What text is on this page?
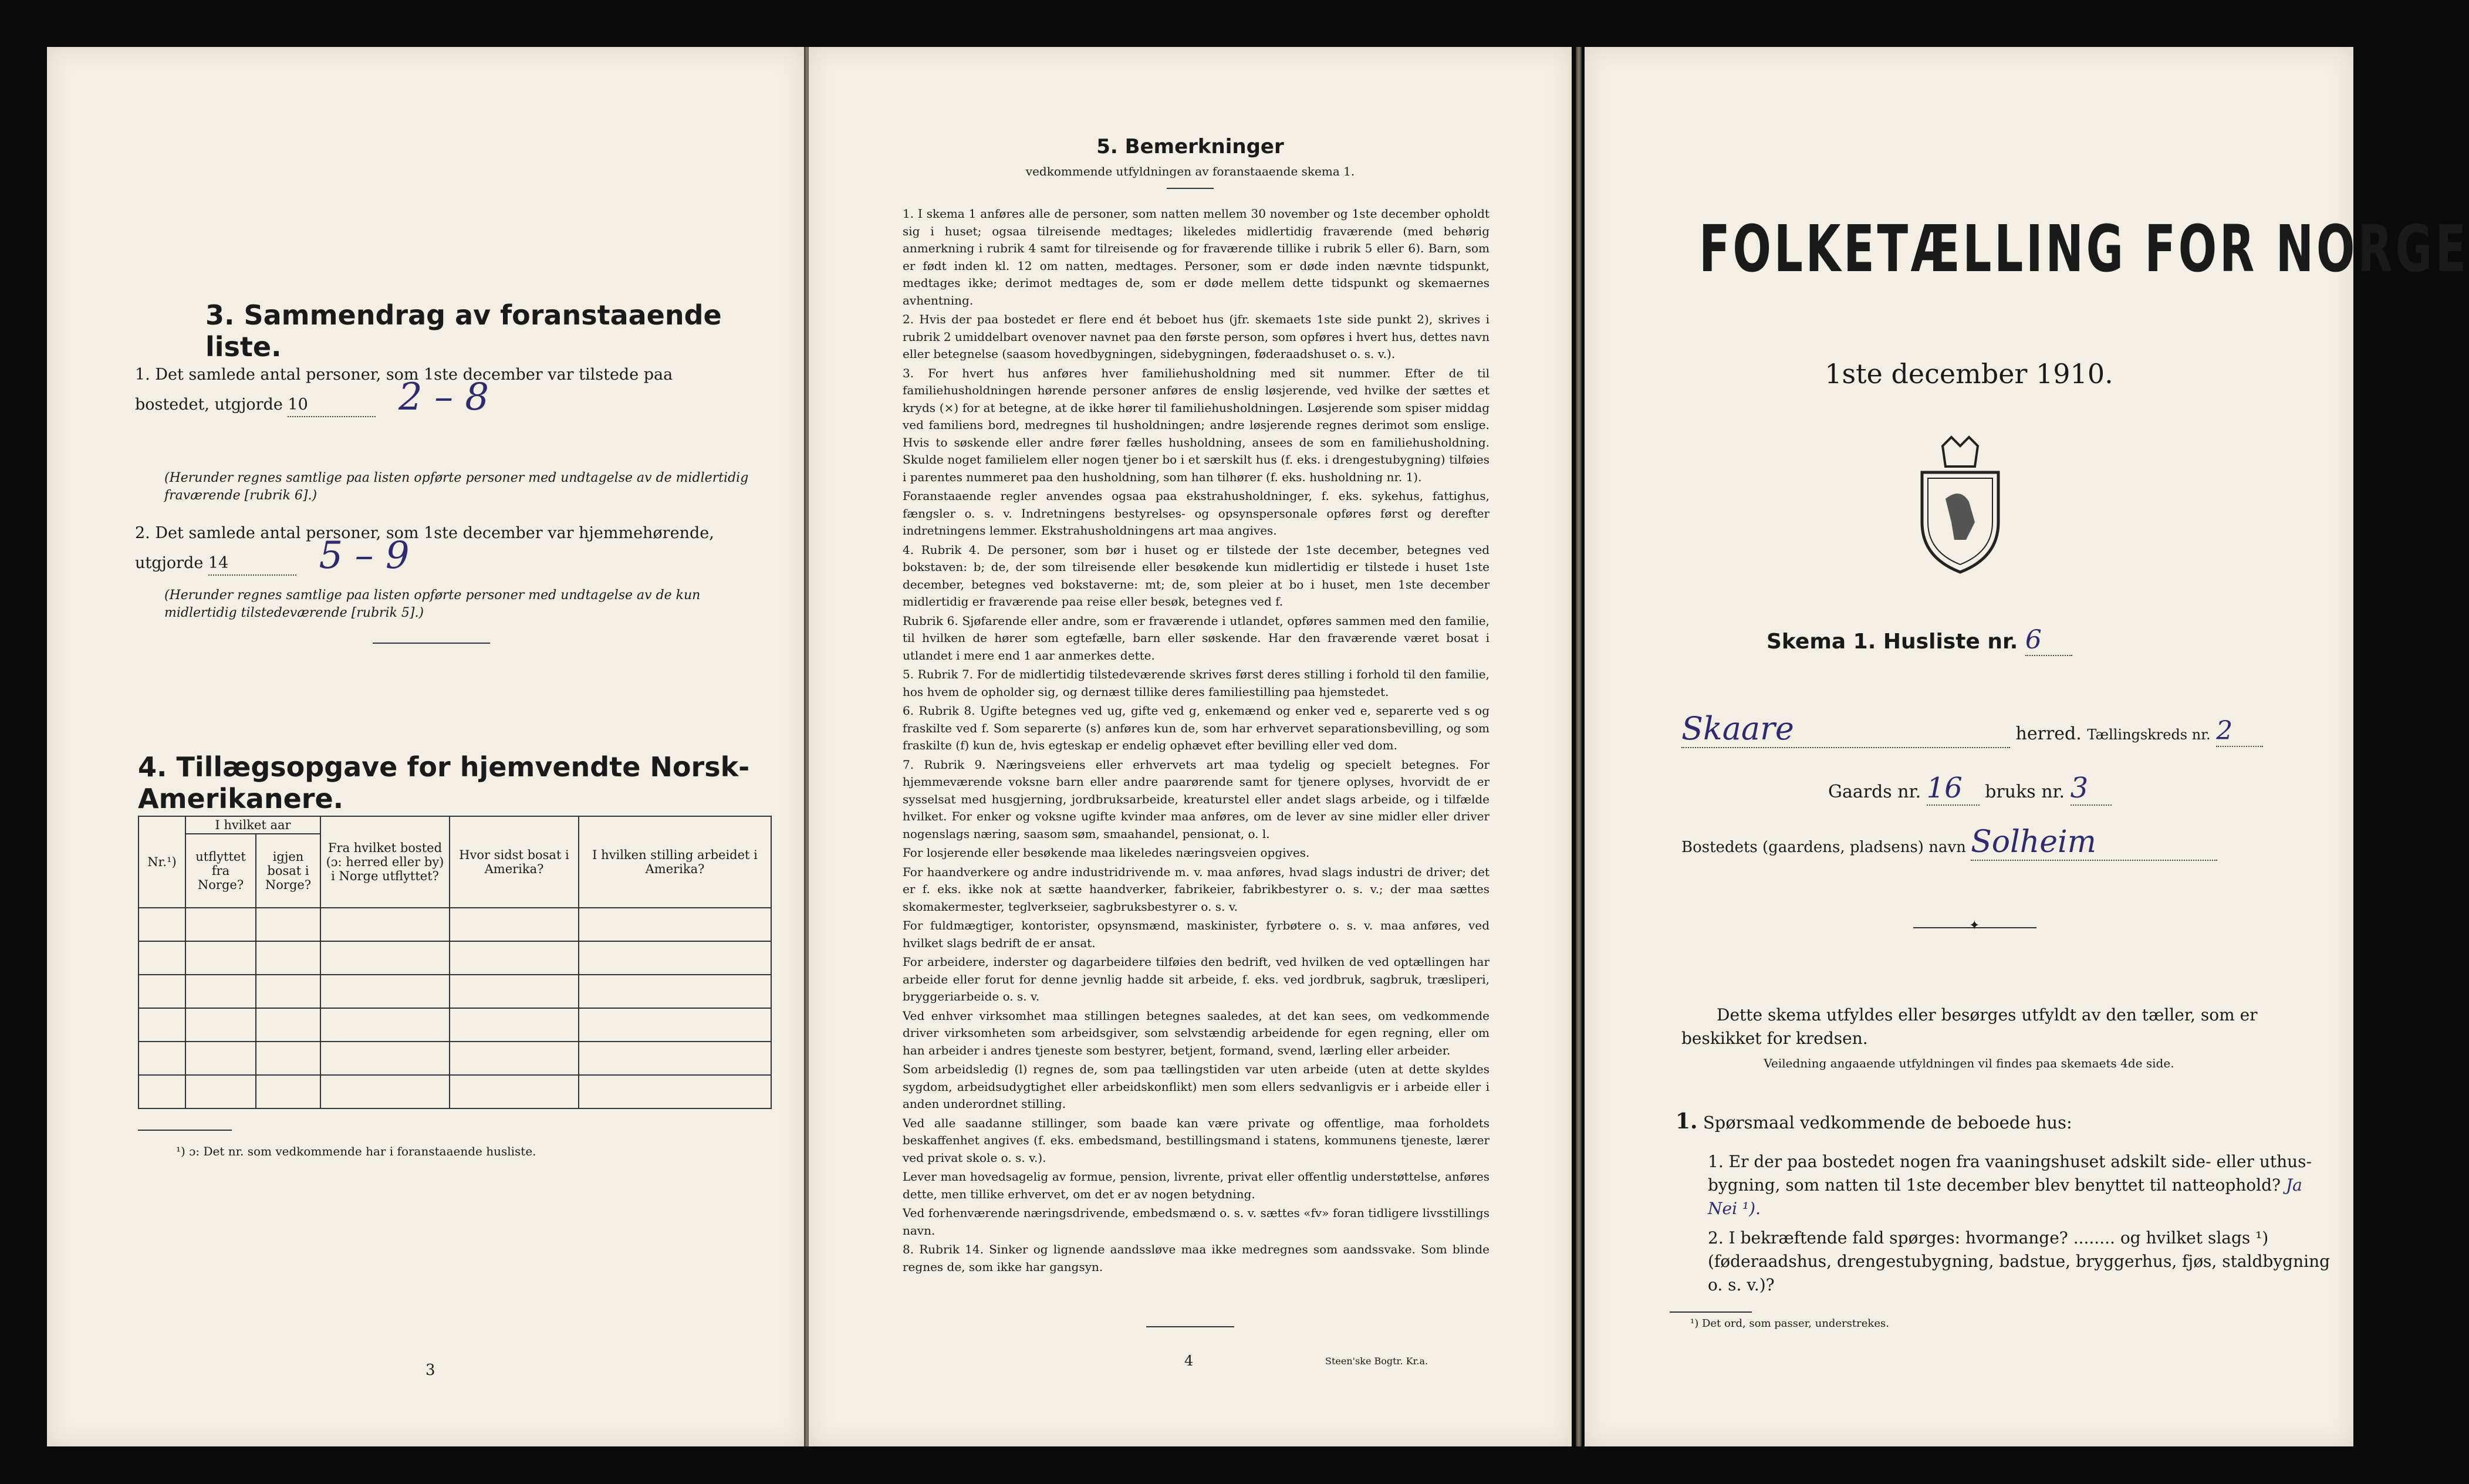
3. Sammendrag av foranstaaende liste.
1. Det samlede antal personer, som 1ste december var tilstede paa bostedet, utgjorde 10 2 – 8
(Herunder regnes samtlige paa listen opførte personer med undtagelse av de midlertidig fraværende [rubrik 6].)
2. Det samlede antal personer, som 1ste december var hjemmehørende, utgjorde 14 5 – 9
(Herunder regnes samtlige paa listen opførte personer med undtagelse av de kun midlertidig tilstedeværende [rubrik 5].)
4. Tillægsopgave for hjemvendte Norsk-Amerikanere.
Nr.¹)	I hvilket aar		Fra hvilket bosted (ɔ: herred eller by) i Norge utflyttet?	Hvor sidst bosat i Amerika?	I hvilken stilling arbeidet i Amerika?
	utflyttet fra Norge?	igjen bosat i Norge?			

¹) ɔ: Det nr. som vedkommende har i foranstaaende husliste.
3
5. Bemerkninger
vedkommende utfyldningen av foranstaaende skema 1.

1. I skema 1 anføres alle de personer, som natten mellem 30 november og 1ste december opholdt sig i huset; ogsaa tilreisende medtages; likeledes midlertidig fraværende (med behørig anmerkning i rubrik 4 samt for tilreisende og for fraværende tillike i rubrik 5 eller 6). Barn, som er født inden kl. 12 om natten, medtages. Personer, som er døde inden nævnte tidspunkt, medtages ikke; derimot medtages de, som er døde mellem dette tidspunkt og skemaernes avhentning.

2. Hvis der paa bostedet er flere end ét beboet hus (jfr. skemaets 1ste side punkt 2), skrives i rubrik 2 umiddelbart ovenover navnet paa den første person, som opføres i hvert hus, dettes navn eller betegnelse (saasom hovedbygningen, sidebygningen, føderaadshuset o. s. v.).

3. For hvert hus anføres hver familiehusholdning med sit nummer. Efter de til familiehusholdningen hørende personer anføres de enslig løsjerende, ved hvilke der sættes et kryds (×) for at betegne, at de ikke hører til familiehusholdningen. Løsjerende som spiser middag ved familiens bord, medregnes til husholdningen; andre løsjerende regnes derimot som enslige. Hvis to søskende eller andre fører fælles husholdning, ansees de som en familiehusholdning. Skulde noget familielem eller nogen tjener bo i et særskilt hus (f. eks. i drengestubygning) tilføies i parentes nummeret paa den husholdning, som han tilhører (f. eks. husholdning nr. 1).

Foranstaaende regler anvendes ogsaa paa ekstrahusholdninger, f. eks. sykehus, fattighus, fængsler o. s. v. Indretningens bestyrelses- og opsynspersonale opføres først og derefter indretningens lemmer. Ekstrahusholdningens art maa angives.

4. Rubrik 4. De personer, som bør i huset og er tilstede der 1ste december, betegnes ved bokstaven: b; de, der som tilreisende eller besøkende kun midlertidig er tilstede i huset 1ste december, betegnes ved bokstaverne: mt; de, som pleier at bo i huset, men 1ste december midlertidig er fraværende paa reise eller besøk, betegnes ved f.

Rubrik 6. Sjøfarende eller andre, som er fraværende i utlandet, opføres sammen med den familie, til hvilken de hører som egtefælle, barn eller søskende. Har den fraværende været bosat i utlandet i mere end 1 aar anmerkes dette.

5. Rubrik 7. For de midlertidig tilstedeværende skrives først deres stilling i forhold til den familie, hos hvem de opholder sig, og dernæst tillike deres familiestilling paa hjemstedet.

6. Rubrik 8. Ugifte betegnes ved ug, gifte ved g, enkemænd og enker ved e, separerte ved s og fraskilte ved f. Som separerte (s) anføres kun de, som har erhvervet separationsbevilling, og som fraskilte (f) kun de, hvis egteskap er endelig ophævet efter bevilling eller ved dom.

7. Rubrik 9. Næringsveiens eller erhvervets art maa tydelig og specielt betegnes. For hjemmeværende voksne barn eller andre paarørende samt for tjenere oplyses, hvorvidt de er sysselsat med husgjerning, jordbruksarbeide, kreaturstel eller andet slags arbeide, og i tilfælde hvilket. For enker og voksne ugifte kvinder maa anføres, om de lever av sine midler eller driver nogenslags næring, saasom søm, smaahandel, pensionat, o. l.

For losjerende eller besøkende maa likeledes næringsveien opgives.

For haandverkere og andre industridrivende m. v. maa anføres, hvad slags industri de driver; det er f. eks. ikke nok at sætte haandverker, fabrikeier, fabrikbestyrer o. s. v.; der maa sættes skomakermester, teglverkseier, sagbruksbestyrer o. s. v.

For fuldmægtiger, kontorister, opsynsmænd, maskinister, fyrbøtere o. s. v. maa anføres, ved hvilket slags bedrift de er ansat.

For arbeidere, inderster og dagarbeidere tilføies den bedrift, ved hvilken de ved optællingen har arbeide eller forut for denne jevnlig hadde sit arbeide, f. eks. ved jordbruk, sagbruk, træsliperi, bryggeriarbeide o. s. v.

Ved enhver virksomhet maa stillingen betegnes saaledes, at det kan sees, om vedkommende driver virksomheten som arbeidsgiver, som selvstændig arbeidende for egen regning, eller om han arbeider i andres tjeneste som bestyrer, betjent, formand, svend, lærling eller arbeider.

Som arbeidsledig (l) regnes de, som paa tællingstiden var uten arbeide (uten at dette skyldes sygdom, arbeidsudygtighet eller arbeidskonflikt) men som ellers sedvanligvis er i arbeide eller i anden underordnet stilling.

Ved alle saadanne stillinger, som baade kan være private og offentlige, maa forholdets beskaffenhet angives (f. eks. embedsmand, bestillingsmand i statens, kommunens tjeneste, lærer ved privat skole o. s. v.).

Lever man hovedsagelig av formue, pension, livrente, privat eller offentlig understøttelse, anføres dette, men tillike erhvervet, om det er av nogen betydning.

Ved forhenværende næringsdrivende, embedsmænd o. s. v. sættes «fv» foran tidligere livsstillings navn.

8. Rubrik 14. Sinker og lignende aandssløve maa ikke medregnes som aandssvake. Som blinde regnes de, som ikke har gangsyn.

4	Steen'ske Bogtr. Kr.a.
FOLKETÆLLING FOR NORGE
1ste december 1910.
Skema 1. Husliste nr. 6
Skaare	herred. Tællingskreds nr. 2
Gaards nr. 16 bruks nr. 3
Bostedets (gaardens, pladsens) navn Solheim
✦
Dette skema utfyldes eller besørges utfyldt av den tæller, som er beskikket for kredsen.
Veiledning angaaende utfyldningen vil findes paa skemaets 4de side.
1. Spørsmaal vedkommende de beboede hus:
1. Er der paa bostedet nogen fra vaaningshuset adskilt side- eller uthus-bygning, som natten til 1ste december blev benyttet til natteophold? Ja Nei ¹).
2. I bekræftende fald spørges: hvormange? ........ og hvilket slags ¹) (føderaadshus, drengestubygning, badstue, bryggerhus, fjøs, staldbygning o. s. v.)?
¹) Det ord, som passer, understrekes.
